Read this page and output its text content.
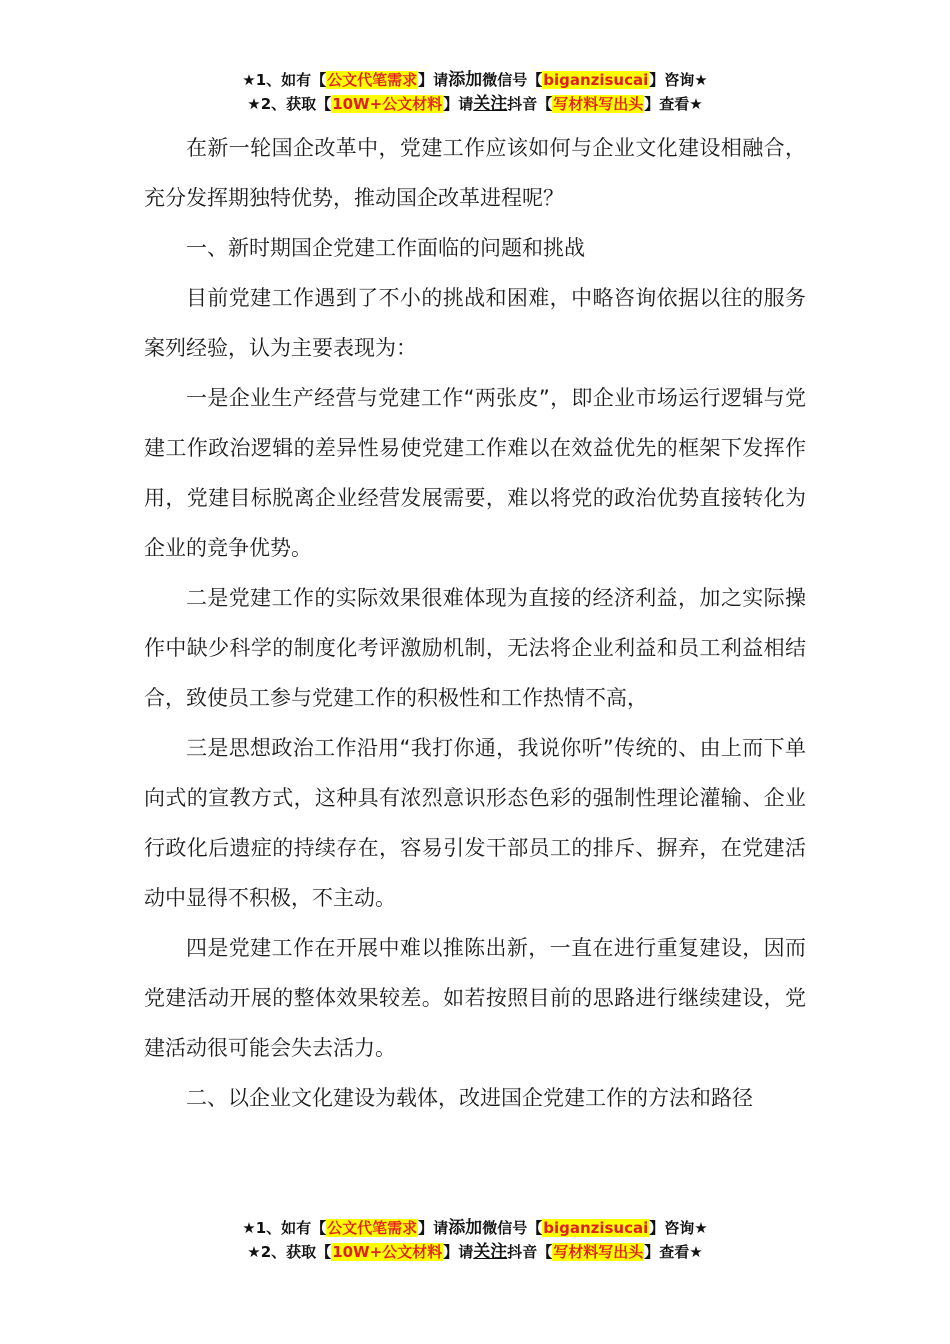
★1、如有【公文代笔需求】请添加微信号【biganzisucai】咨询★
★2、获取【10W+公文材料】请关注抖音【写材料写出头】查看★

在新一轮国企改革中，党建工作应该如何与企业文化建设相融合，充分发挥期独特优势，推动国企改革进程呢？

一、新时期国企党建工作面临的问题和挑战

目前党建工作遇到了不小的挑战和困难，中略咨询依据以往的服务案列经验，认为主要表现为：

一是企业生产经营与党建工作“两张皮”，即企业市场运行逻辑与党建工作政治逻辑的差异性易使党建工作难以在效益优先的框架下发挥作用，党建目标脱离企业经营发展需要，难以将党的政治优势直接转化为企业的竞争优势。

二是党建工作的实际效果很难体现为直接的经济利益，加之实际操作中缺少科学的制度化考评激励机制，无法将企业利益和员工利益相结合，致使员工参与党建工作的积极性和工作热情不高，

三是思想政治工作沿用“我打你通，我说你听”传统的、由上而下单向式的宣教方式，这种具有浓烈意识形态色彩的强制性理论灌输、企业行政化后遗症的持续存在，容易引发干部员工的排斥、摒弃，在党建活动中显得不积极，不主动。

四是党建工作在开展中难以推陈出新，一直在进行重复建设，因而党建活动开展的整体效果较差。如若按照目前的思路进行继续建设，党建活动很可能会失去活力。

二、以企业文化建设为载体，改进国企党建工作的方法和路径

★1、如有【公文代笔需求】请添加微信号【biganzisucai】咨询★
★2、获取【10W+公文材料】请关注抖音【写材料写出头】查看★
